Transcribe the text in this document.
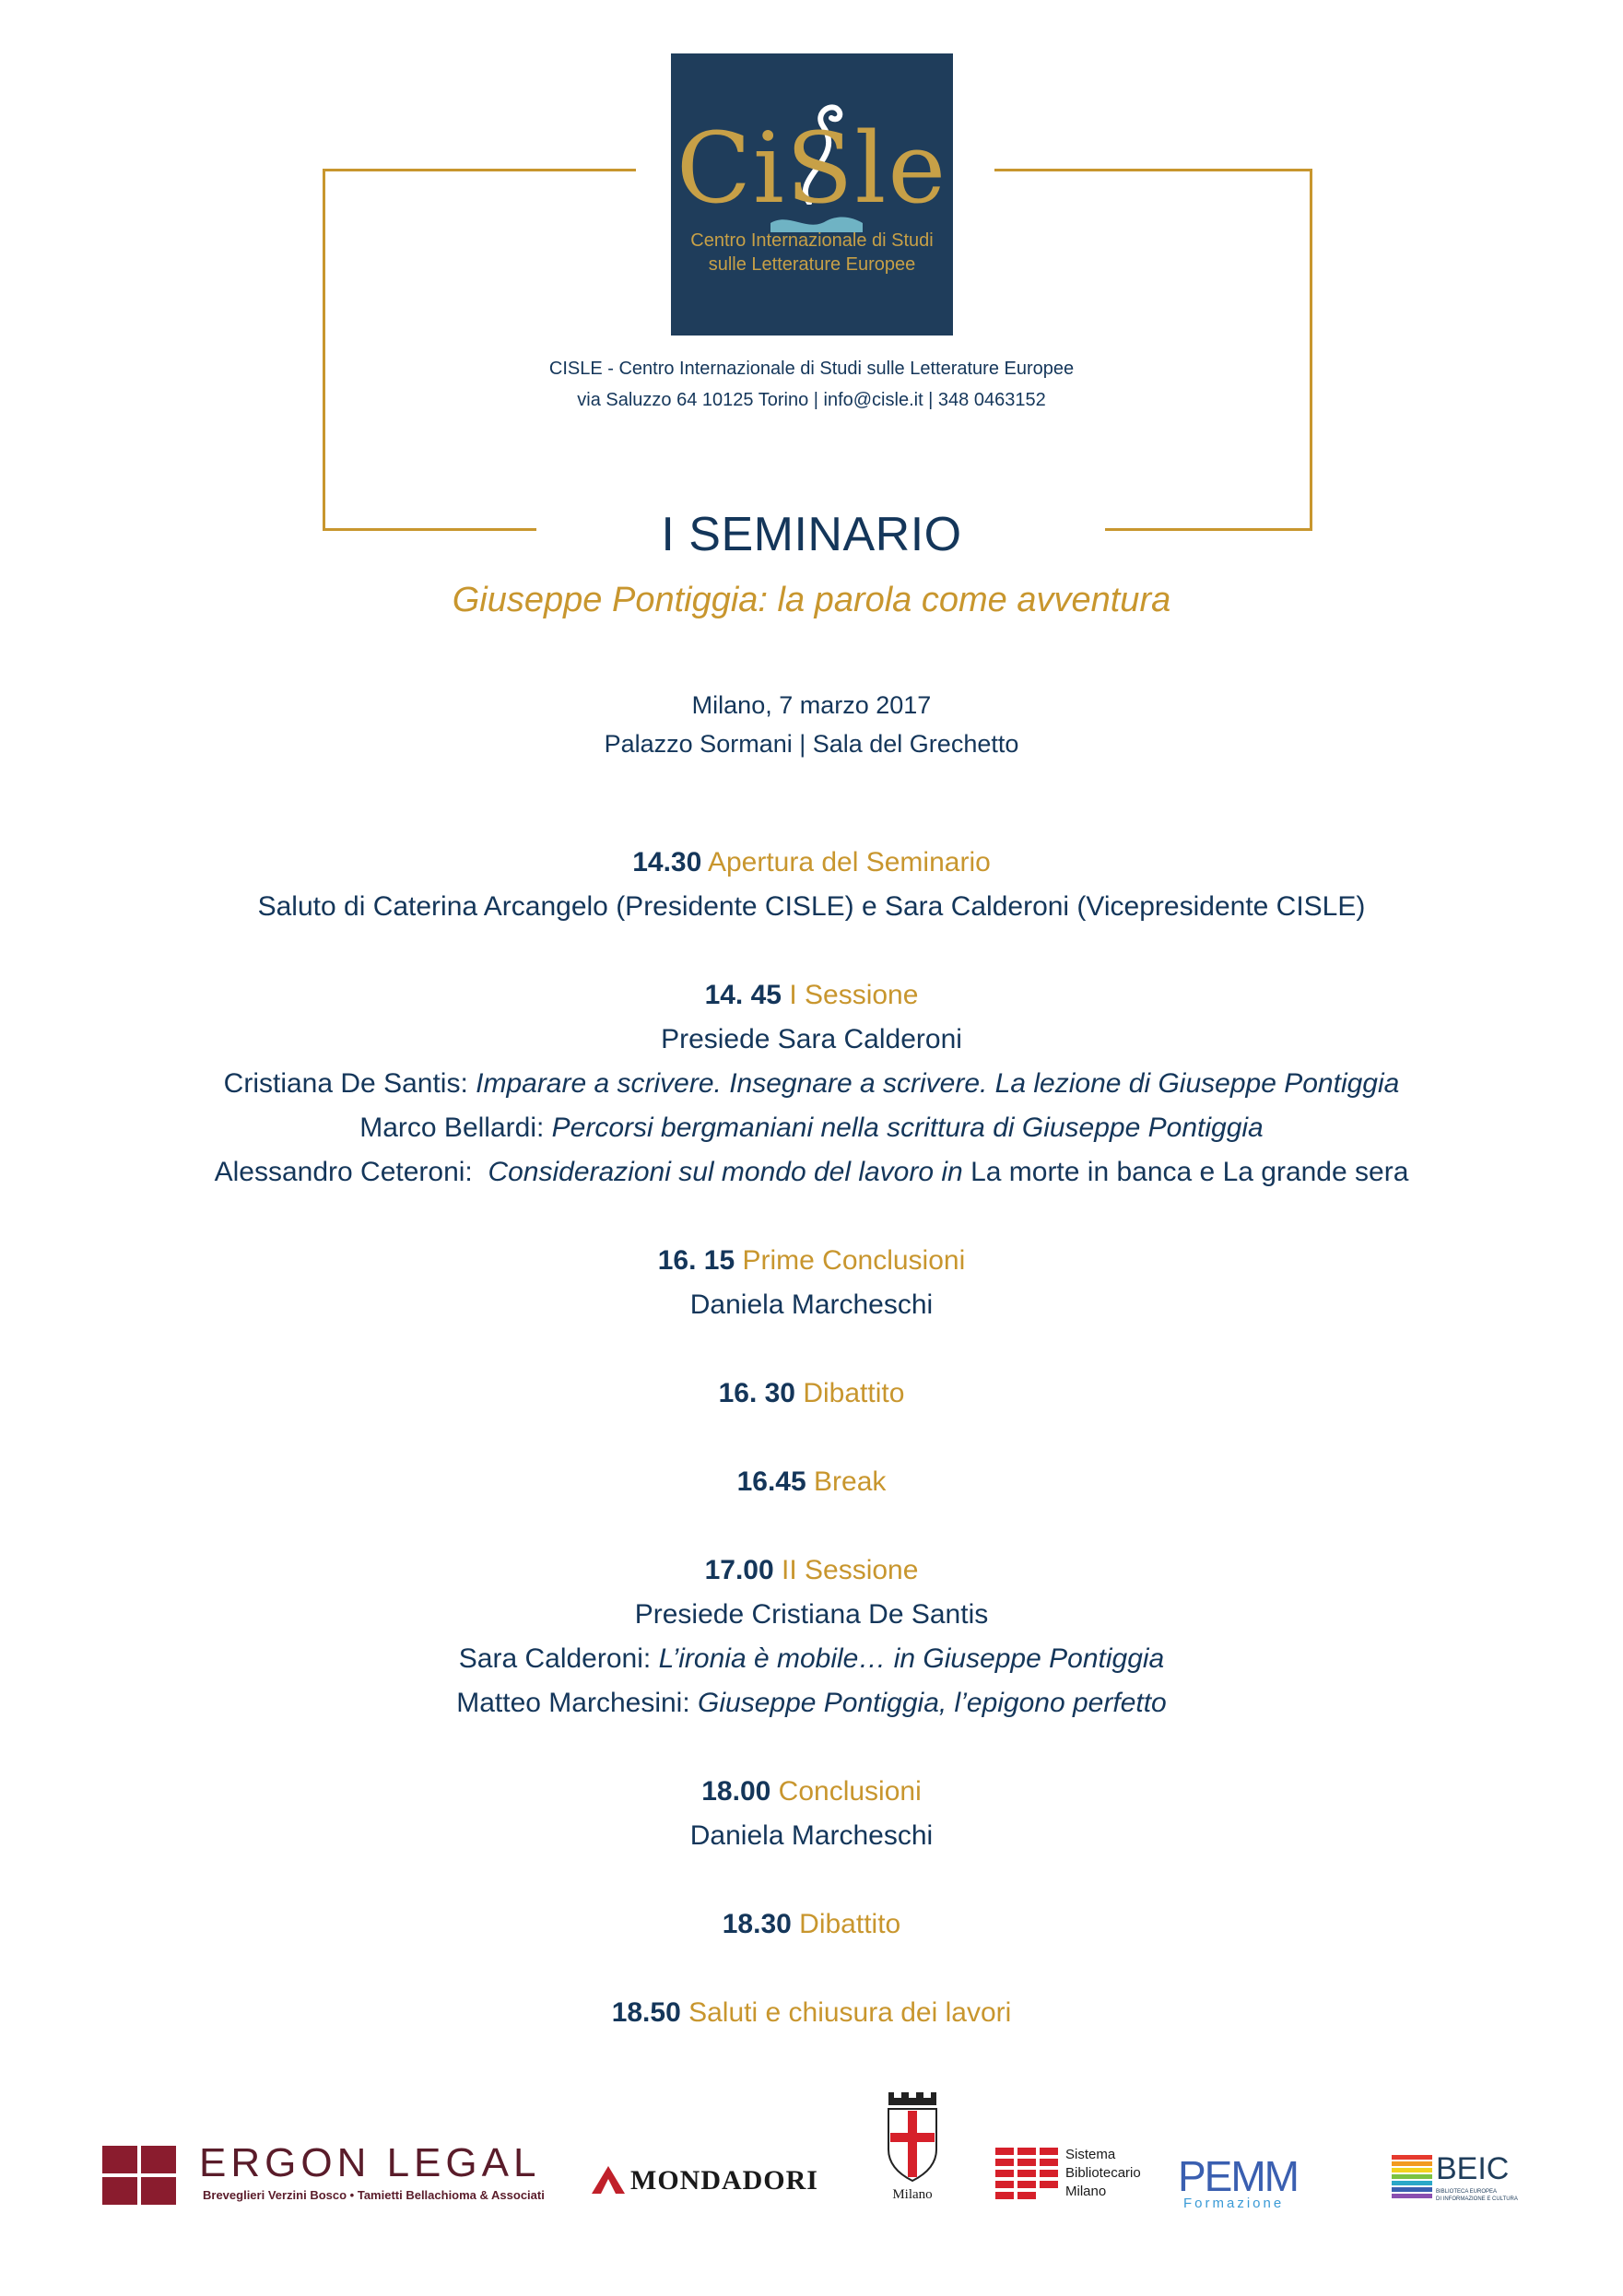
CiSle
Centro Internazionale di Studi
sulle Letterature Europee
CISLE - Centro Internazionale di Studi sulle Letterature Europee
via Saluzzo 64 10125 Torino | info@cisle.it | 348 0463152
I SEMINARIO
Giuseppe Pontiggia: la parola come avventura
Milano, 7 marzo 2017
Palazzo Sormani | Sala del Grechetto
14.30 Apertura del Seminario
Saluto di Caterina Arcangelo (Presidente CISLE) e Sara Calderoni (Vicepresidente CISLE)
14. 45 I Sessione
Presiede Sara Calderoni
Cristiana De Santis: Imparare a scrivere. Insegnare a scrivere. La lezione di Giuseppe Pontiggia
Marco Bellardi: Percorsi bergmaniani nella scrittura di Giuseppe Pontiggia
Alessandro Ceteroni:  Considerazioni sul mondo del lavoro in La morte in banca e La grande sera
16. 15 Prime Conclusioni
Daniela Marcheschi
16. 30 Dibattito
16.45 Break
17.00 II Sessione
Presiede Cristiana De Santis
Sara Calderoni: L’ironia è mobile… in Giuseppe Pontiggia
Matteo Marchesini: Giuseppe Pontiggia, l’epigono perfetto
18.00 Conclusioni
Daniela Marcheschi
18.30 Dibattito
18.50 Saluti e chiusura dei lavori
ERGON LEGAL
Breveglieri Verzini Bosco • Tamietti Bellachioma & Associati	MONDADORI	Milano
Sistema
Bibliotecario
Milano	PEMM
Formazione
BEIC
BIBLIOTECA EUROPEA
DI INFORMAZIONE E CULTURA
